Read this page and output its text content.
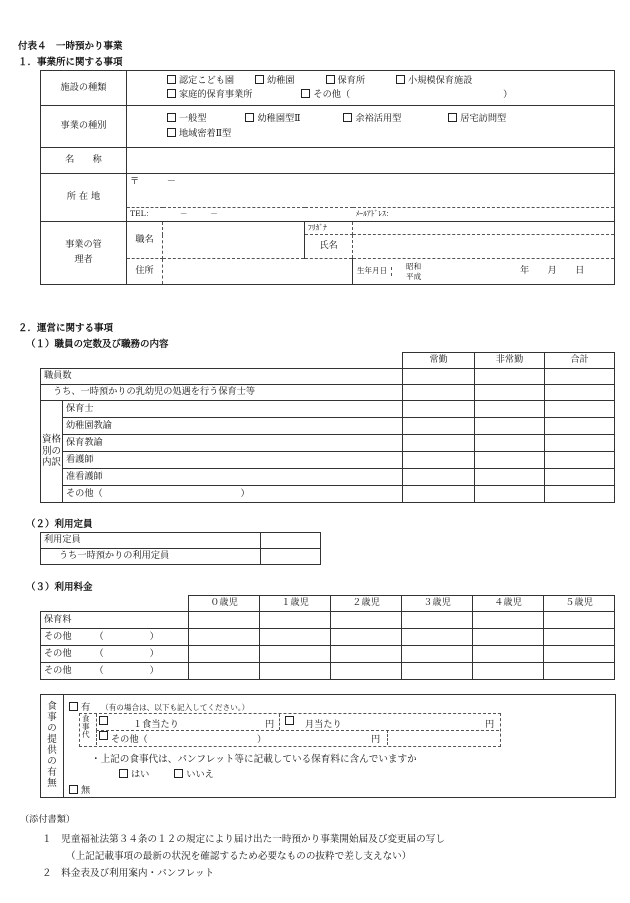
付表４　一時預かり事業
１．事業所に関する事項
施設の種類	認定こども園 幼稚園 保育所 小規模保育施設
家庭的保育事業所 その他（ ）			

事業の種別	一般型 幼稚園型Ⅱ 余裕活用型 居宅訪問型
地域密着Ⅱ型			

名　　称				
所 在 地	〒　　　－			
	TEL：　　　　－　　　－			ﾒｰﾙｱﾄﾞﾚｽ：
事業の管理者	職名		ﾌﾘｶﾞﾅ	
			氏名	
	住所			生年月日 昭和
平成 年　　月　　日
２．運営に関する事項
（１）職員の定数及び職務の内容
		常勤	非常勤	合計
職員数				
うち、一時預かりの乳幼児の処遇を行う保育士等				
資格別の内訳	保育士			
	幼稚園教諭			
	保育教諭			
	看護師			
	准看護師			
	その他（　　　　　　　　　　　　　　　）			
（２）利用定員
利用定員	
うち一時預かりの利用定員	
（３）利用料金
	０歳児	１歳児	２歳児	３歳児	４歳児	５歳児
保育料						
その他　　　（　　　　　）						
その他　　　（　　　　　）						
その他　　　（　　　　　）						
食事の提供の有無
有 （有の場合は、以下も記入してください。）
食事代
１食当たり	円	月当たり	円
その他（	）	円
・上記の食事代は、パンフレット等に記載している保育料に含んでいますか
はい	いいえ
無
（添付書類）
１　児童福祉法第３４条の１２の規定により届け出た一時預かり事業開始届及び変更届の写し
（上記記載事項の最新の状況を確認するため必要なものの抜粋で差し支えない）
２　料金表及び利用案内・パンフレット
